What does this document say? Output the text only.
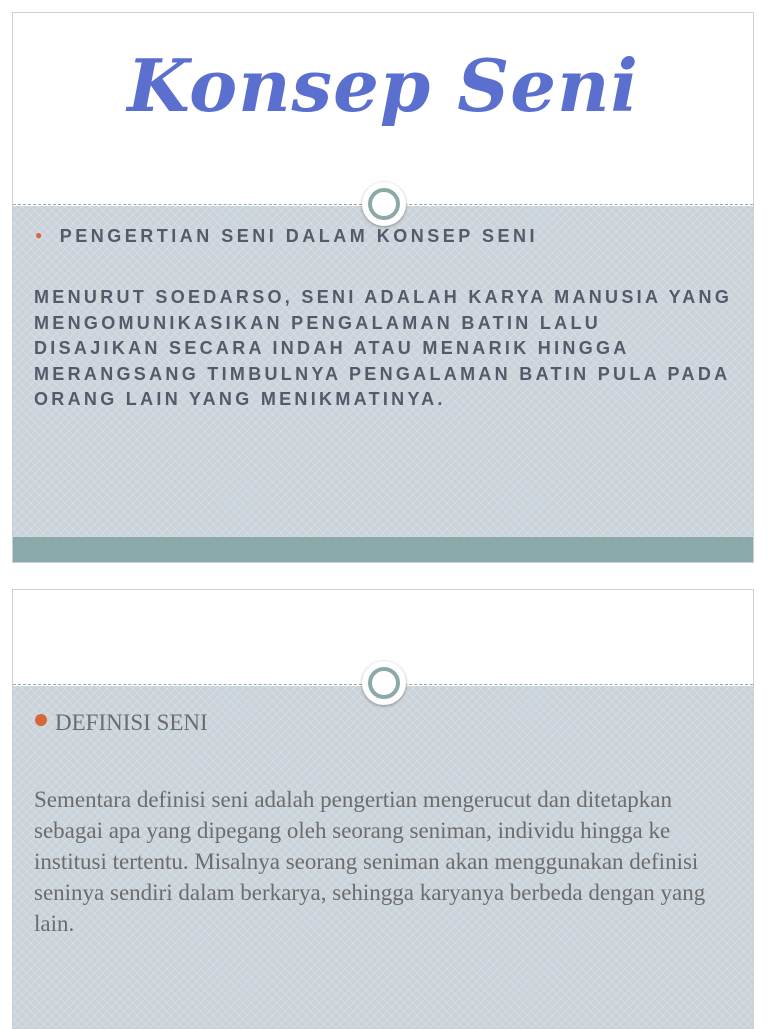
Konsep Seni
● PENGERTIAN SENI DALAM KONSEP SENI
MENURUT SOEDARSO, SENI ADALAH KARYA MANUSIA YANG MENGOMUNIKASIKAN PENGALAMAN BATIN LALU DISAJIKAN SECARA INDAH ATAU MENARIK HINGGA MERANGSANG TIMBULNYA PENGALAMAN BATIN PULA PADA ORANG LAIN YANG MENIKMATINYA.
DEFINISI SENI
Sementara definisi seni adalah pengertian mengerucut dan ditetapkan sebagai apa yang dipegang oleh seorang seniman, individu hingga ke institusi tertentu. Misalnya seorang seniman akan menggunakan definisi seninya sendiri dalam berkarya, sehingga karyanya berbeda dengan yang lain.
